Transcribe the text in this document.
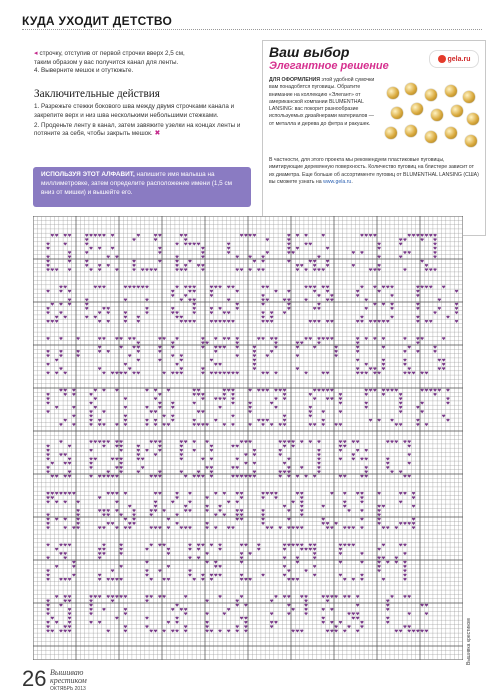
КУДА УХОДИТ ДЕТСТВО

◂ строчку, отступив от первой строчки вверх 2,5 см,

таким образом у вас получится канал для ленты.

4. Выверните мешок и отутюжьте.

Заключительные действия

1. Разрежьте стежки бокового шва между двумя строчками канала и закрепите верх и низ шва несколькими небольшими стежками.

2. Проденьте ленту в канал, затем завяжите узелки на концах ленты и потяните за себя, чтобы закрыть мешок. ✖

ИСПОЛЬЗУЯ ЭТОТ АЛФАВИТ, напишите имя малыша на миллиметровке, затем определите расположение имени (1,5 см вниз от мишки) и вышейте его.
Ваш выбор
Элегантное решение
gela.ru
ДЛЯ ОФОРМЛЕНИЯ этой удобной сумочки вам понадобятся пуговицы. Обратите внимание на коллекцию «Элегант» от американской компании BLUMENTHAL LANSING: вас покорит разнообразие используемых дизайнерами материалов — от металла и дерева до фетра и ракушек.
В частности, для этого проекта мы рекомендуем пластиковые пуговицы, имитирующие деревянную поверхность. Количество пуговиц на блистере зависит от их диаметра. Еще больше об ассортименте пуговиц от BLUMENTHAL LANSING (США) вы сможете узнать на www.gela.ru.
Вышивка крестиком
26 Вышиваю крестиком
ОКТЯБРЬ 2013
